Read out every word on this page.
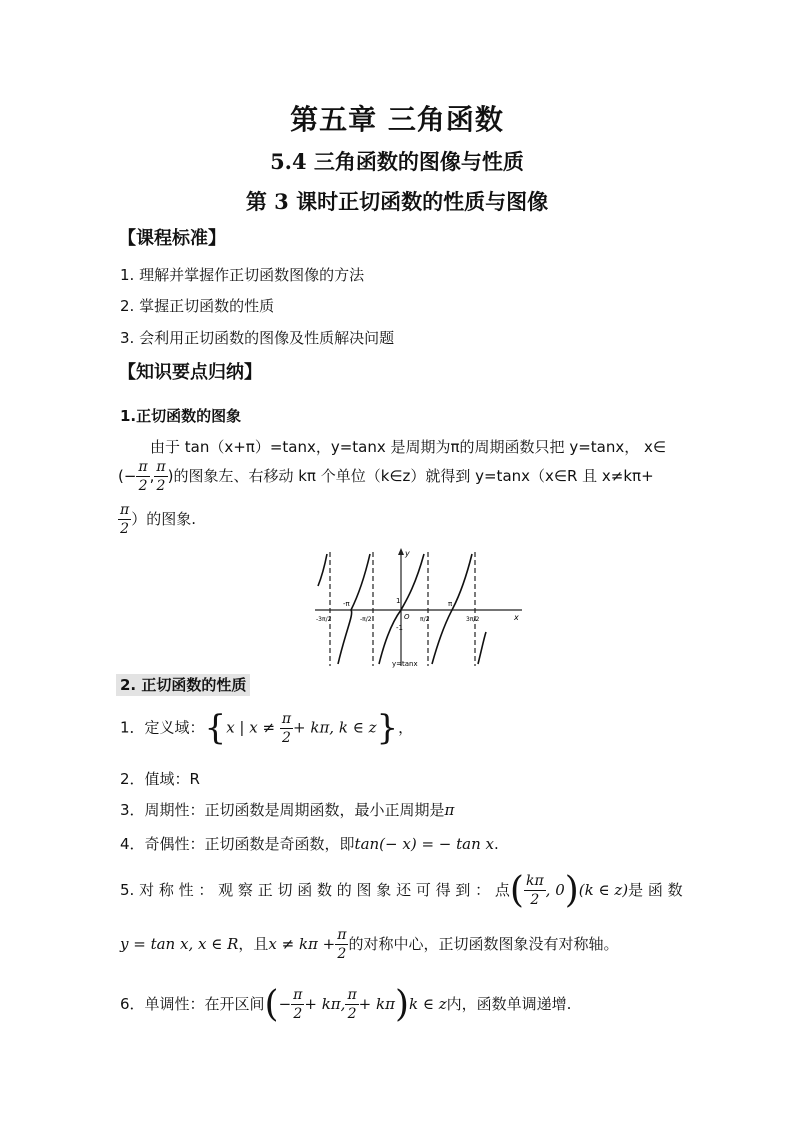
第五章 三角函数
5.4 三角函数的图像与性质
第 3 课时正切函数的性质与图像
【课程标准】
1. 理解并掌握作正切函数图像的方法
2. 掌握正切函数的性质
3. 会利用正切函数的图像及性质解决问题
【知识要点归纳】
1.正切函数的图象
由于 tan（x+π）=tanx，y=tanx 是周期为π的周期函数只把 y=tanx， x∈
(− $\frac{\pi}{2}$ , $\frac{\pi}{2}$ )的图象左、右移动 kπ 个单位（k∈z）就得到 y=tanx（x∈R 且 x≠kπ+
$\frac{\pi}{2}$ ）的图象.
y
x
O
1
-1
y=tanx
π
-π
-3π/2	-π/2	π/2	3π/2
2. 正切函数的性质
1．定义域：{x | $x \ne \frac{\pi}{2} + k\pi$, k ∈ z}，
2．值域：R
3．周期性：正切函数是周期函数，最小正周期是π
4．奇偶性：正切函数是奇函数，即tan(− x) = − tan x.
5. 对 称 性 ： 观 察 正 切 函 数 的 图 象 还 可 得 到 ： 点( $\frac{k\pi}{2}$ , 0)(k ∈ z)是 函 数
y = tan x, x ∈ R，且$x \ne k\pi + \frac{\pi}{2}$ 的对称中心，正切函数图象没有对称轴。
6．单调性：在开区间(− $\frac{\pi}{2} + k\pi$, $\frac{\pi}{2} + k\pi)k$ ∈ z内，函数单调递增.
